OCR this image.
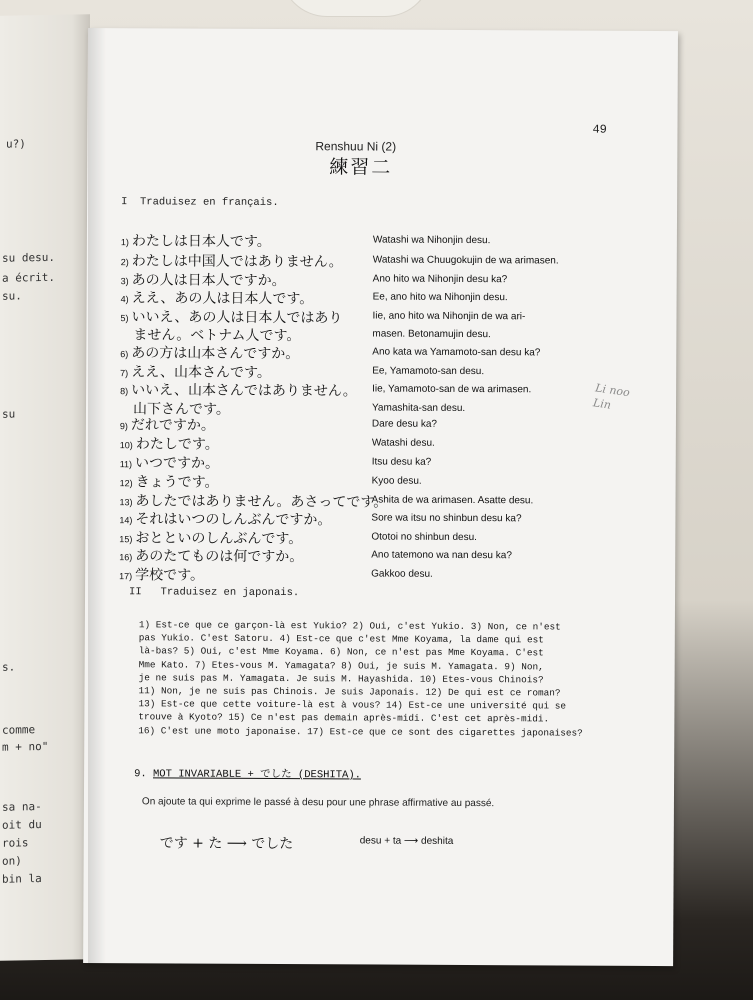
u?)
su desu.
a écrit.
su.
su
s.
comme
m + no"
sa na-
oit du
rois
on)
bin la
49
Renshuu Ni (2)
練習二
I Traduisez en français.
1) わたしは日本人です。	Watashi wa Nihonjin desu.
2) わたしは中国人ではありません。	Watashi wa Chuugokujin de wa arimasen.
3) あの人は日本人ですか。	Ano hito wa Nihonjin desu ka?
4) ええ、あの人は日本人です。	Ee, ano hito wa Nihonjin desu.
5) いいえ、あの人は日本人ではあり	Iie, ano hito wa Nihonjin de wa ari-
ません。ベトナム人です。	masen. Betonamujin desu.
6) あの方は山本さんですか。	Ano kata wa Yamamoto-san desu ka?
7) ええ、山本さんです。	Ee, Yamamoto-san desu.
8) いいえ、山本さんではありません。 Iie, Yamamoto-san de wa arimasen.
山下さんです。	Yamashita-san desu.
9) だれですか。	Dare desu ka?
10) わたしです。	Watashi desu.
11) いつですか。	Itsu desu ka?
12) きょうです。	Kyoo desu.
13) あしたではありません。あさってです。
Ashita de wa arimasen. Asatte desu.
14) それはいつのしんぶんですか。	Sore wa itsu no shinbun desu ka?
15) おとといのしんぶんです。	Ototoi no shinbun desu.
16) あのたてものは何ですか。	Ano tatemono wa nan desu ka?
17) 学校です。	Gakkoo desu.
II Traduisez en japonais.
1) Est-ce que ce garçon-là est Yukio? 2) Oui, c'est Yukio. 3) Non, ce n'est
pas Yukio. C'est Satoru. 4) Est-ce que c'est Mme Koyama, la dame qui est
là-bas? 5) Oui, c'est Mme Koyama. 6) Non, ce n'est pas Mme Koyama. C'est
Mme Kato. 7) Etes-vous M. Yamagata? 8) Oui, je suis M. Yamagata. 9) Non,
je ne suis pas M. Yamagata. Je suis M. Hayashida. 10) Etes-vous Chinois?
11) Non, je ne suis pas Chinois. Je suis Japonais. 12) De qui est ce roman?
13) Est-ce que cette voiture-là est à vous? 14) Est-ce une université qui se
trouve à Kyoto? 15) Ce n'est pas demain après-midi. C'est cet après-midi.
16) C'est une moto japonaise. 17) Est-ce que ce sont des cigarettes japonaises?
9. MOT INVARIABLE + でした (DESHITA).
On ajoute ta qui exprime le passé à desu pour une phrase affirmative au passé.
です + た ⟶ でした	desu + ta ⟶ deshita
Li noo
Lin
